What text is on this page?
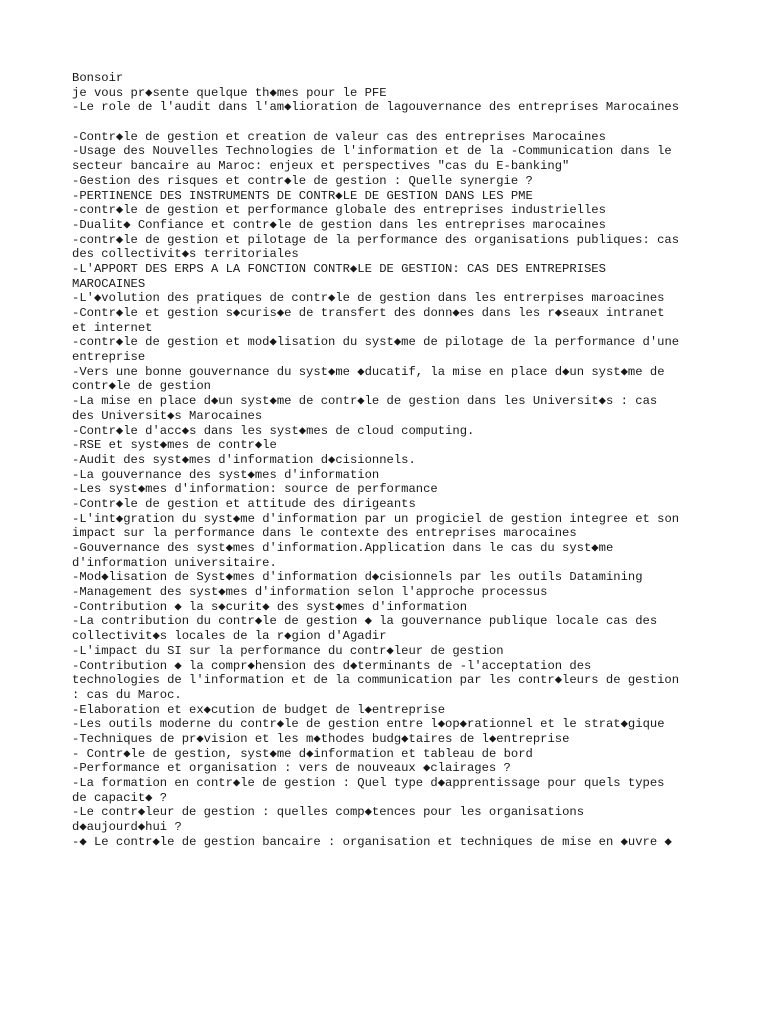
Bonsoir
je vous pr◆sente quelque th◆mes pour le PFE
-Le role de l'audit dans l'am◆lioration de lagouvernance des entreprises Marocaines
-Contr◆le de gestion et creation de valeur cas des entreprises Marocaines
-Usage des Nouvelles Technologies de l'information et de la -Communication dans le
secteur bancaire au Maroc: enjeux et perspectives "cas du E-banking"
-Gestion des risques et contr◆le de gestion : Quelle synergie ?
-PERTINENCE DES INSTRUMENTS DE CONTR◆LE DE GESTION DANS LES PME
-contr◆le de gestion et performance globale des entreprises industrielles
-Dualit◆ Confiance et contr◆le de gestion dans les entreprises marocaines
-contr◆le de gestion et pilotage de la performance des organisations publiques: cas
des collectivit◆s territoriales
-L'APPORT DES ERPS A LA FONCTION CONTR◆LE DE GESTION: CAS DES ENTREPRISES
MAROCAINES
-L'◆volution des pratiques de contr◆le de gestion dans les entrerpises maroacines
-Contr◆le et gestion s◆curis◆e de transfert des donn◆es dans les r◆seaux intranet
et internet
-contr◆le de gestion et mod◆lisation du syst◆me de pilotage de la performance d'une
entreprise
-Vers une bonne gouvernance du syst◆me ◆ducatif, la mise en place d◆un syst◆me de
contr◆le de gestion
-La mise en place d◆un syst◆me de contr◆le de gestion dans les Universit◆s : cas
des Universit◆s Marocaines
-Contr◆le d'acc◆s dans les syst◆mes de cloud computing.
-RSE et syst◆mes de contr◆le
-Audit des syst◆mes d'information d◆cisionnels.
-La gouvernance des syst◆mes d'information
-Les syst◆mes d'information: source de performance
-Contr◆le de gestion et attitude des dirigeants
-L'int◆gration du syst◆me d'information par un progiciel de gestion integree et son
impact sur la performance dans le contexte des entreprises marocaines
-Gouvernance des syst◆mes d'information.Application dans le cas du syst◆me
d'information universitaire.
-Mod◆lisation de Syst◆mes d'information d◆cisionnels par les outils Datamining
-Management des syst◆mes d'information selon l'approche processus
-Contribution ◆ la s◆curit◆ des syst◆mes d'information
-La contribution du contr◆le de gestion ◆ la gouvernance publique locale cas des
collectivit◆s locales de la r◆gion d'Agadir
-L'impact du SI sur la performance du contr◆leur de gestion
-Contribution ◆ la compr◆hension des d◆terminants de -l'acceptation des
technologies de l'information et de la communication par les contr◆leurs de gestion
: cas du Maroc.
-Elaboration et ex◆cution de budget de l◆entreprise
-Les outils moderne du contr◆le de gestion entre l◆op◆rationnel et le strat◆gique
-Techniques de pr◆vision et les m◆thodes budg◆taires de l◆entreprise
- Contr◆le de gestion, syst◆me d◆information et tableau de bord
-Performance et organisation : vers de nouveaux ◆clairages ?
-La formation en contr◆le de gestion : Quel type d◆apprentissage pour quels types
de capacit◆ ?
-Le contr◆leur de gestion : quelles comp◆tences pour les organisations
d◆aujourd◆hui ?
-◆ Le contr◆le de gestion bancaire : organisation et techniques de mise en ◆uvre ◆
